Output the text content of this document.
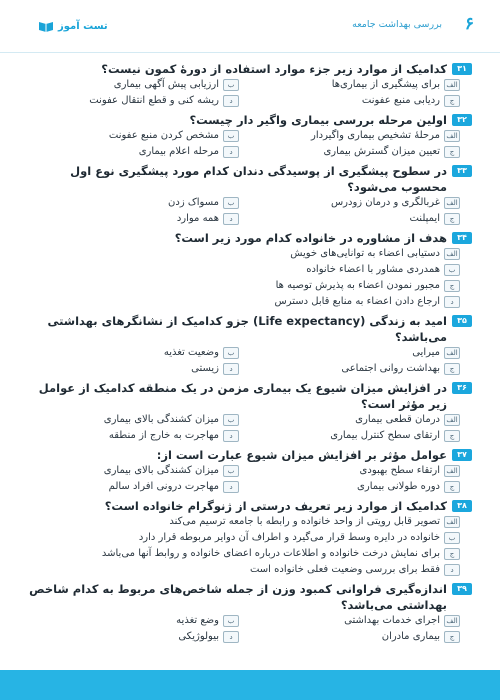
۶
بررسی بهداشت جامعه
تست آموز
۳۱
کدامیک از موارد زیر جزء موارد استفاده از دورهٔ کمون نیست؟
الف
برای پیشگیری از بیماری‌ها
ب
ارزیابی پیش آگهی بیماری
ج
ردیابی منبع عفونت
د
ریشه کنی و قطع انتقال عفونت
۳۲
اولین مرحله بررسی بیماری واگیر دار چیست؟
الف
مرحلهٔ تشخیص بیماری واگیردار
ب
مشخص کردن منبع عفونت
ج
تعیین میزان گسترش بیماری
د
مرحله اعلام بیماری
۳۳
در سطوح پیشگیری از پوسیدگی دندان کدام مورد پیشگیری نوع اول محسوب می‌شود؟
الف
غربالگری و درمان زودرس
ب
مسواک زدن
ج
ایمپلنت
د
همه موارد
۳۴
هدف از مشاوره در خانواده کدام مورد زیر است؟
الف
دستیابی اعضاء به توانایی‌های خویش
ب
همدردی مشاور با اعضاء خانواده
ج
مجبور نمودن اعضاء به پذیرش توصیه ها
د
ارجاع دادن اعضاء به منابع قابل دسترس
۳۵
امید به زندگی (Life expectancy) جزو کدامیک از نشانگرهای بهداشتی می‌باشد؟
الف
میرایی
ب
وضعیت تغذیه
ج
بهداشت روانی اجتماعی
د
زیستی
۳۶
در افزایش میزان شیوع یک بیماری مزمن در یک منطقه کدامیک از عوامل زیر مؤثر است؟
الف
درمان قطعی بیماری
ب
میزان کشندگی بالای بیماری
ج
ارتقای سطح کنترل بیماری
د
مهاجرت به خارج از منطقه
۳۷
عوامل مؤثر بر افزایش میزان شیوع عبارت است از:
الف
ارتقاء سطح بهبودی
ب
میزان کشندگی بالای بیماری
ج
دوره طولانی بیماری
د
مهاجرت درونی افراد سالم
۳۸
کدامیک از موارد زیر تعریف درستی از ژنوگرام خانواده است؟
الف
تصویر قابل رویتی از واحد خانواده و رابطه با جامعه ترسیم می‌کند
ب
خانواده در دایره وسط قرار می‌گیرد و اطراف آن دوایر مربوطه قرار دارد
ج
برای نمایش درخت خانواده و اطلاعات درباره اعضای خانواده و روابط آنها می‌باشد
د
فقط برای بررسی وضعیت فعلی خانواده است
۳۹
اندازه‌گیری فراوانی کمبود وزن از جمله شاخص‌های مربوط به کدام شاخص بهداشتی می‌باشد؟
الف
اجرای خدمات بهداشتی
ب
وضع تغذیه
ج
بیماری مادران
د
بیولوژیکی
